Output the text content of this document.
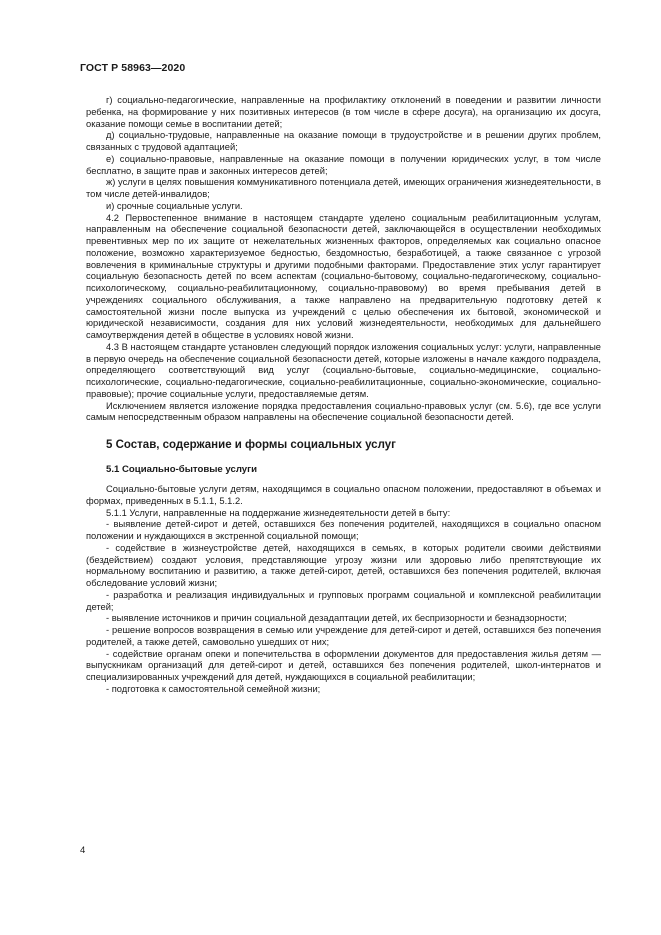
ГОСТ Р 58963—2020

г) социально-педагогические, направленные на профилактику отклонений в поведении и развитии личности ребенка, на формирование у них позитивных интересов (в том числе в сфере досуга), на организацию их досуга, оказание помощи семье в воспитании детей;

д) социально-трудовые, направленные на оказание помощи в трудоустройстве и в решении других проблем, связанных с трудовой адаптацией;

е) социально-правовые, направленные на оказание помощи в получении юридических услуг, в том числе бесплатно, в защите прав и законных интересов детей;

ж) услуги в целях повышения коммуникативного потенциала детей, имеющих ограничения жизнедеятельности, в том числе детей-инвалидов;

и) срочные социальные услуги.

4.2 Первостепенное внимание в настоящем стандарте уделено социальным реабилитационным услугам, направленным на обеспечение социальной безопасности детей, заключающейся в осуществлении необходимых превентивных мер по их защите от нежелательных жизненных факторов, определяемых как социально опасное положение, возможно характеризуемое бедностью, бездомностью, безработицей, а также связанное с угрозой вовлечения в криминальные структуры и другими подобными факторами. Предоставление этих услуг гарантирует социальную безопасность детей по всем аспектам (социально-бытовому, социально-педагогическому, социально-психологическому, социально-реабилитационному, социально-правовому) во время пребывания детей в учреждениях социального обслуживания, а также направлено на предварительную подготовку детей к самостоятельной жизни после выпуска из учреждений с целью обеспечения их бытовой, экономической и юридической независимости, создания для них условий жизнедеятельности, необходимых для дальнейшего самоутверждения детей в обществе в условиях новой жизни.

4.3 В настоящем стандарте установлен следующий порядок изложения социальных услуг: услуги, направленные в первую очередь на обеспечение социальной безопасности детей, которые изложены в начале каждого подраздела, определяющего соответствующий вид услуг (социально-бытовые, социально-медицинские, социально-психологические, социально-педагогические, социально-реабилитационные, социально-экономические, социально-правовые); прочие социальные услуги, предоставляемые детям.

Исключением является изложение порядка предоставления социально-правовых услуг (см. 5.6), где все услуги самым непосредственным образом направлены на обеспечение социальной безопасности детей.

5 Состав, содержание и формы социальных услуг

5.1 Социально-бытовые услуги

Социально-бытовые услуги детям, находящимся в социально опасном положении, предоставляют в объемах и формах, приведенных в 5.1.1, 5.1.2.

5.1.1 Услуги, направленные на поддержание жизнедеятельности детей в быту:

- выявление детей-сирот и детей, оставшихся без попечения родителей, находящихся в социально опасном положении и нуждающихся в экстренной социальной помощи;

- содействие в жизнеустройстве детей, находящихся в семьях, в которых родители своими действиями (бездействием) создают условия, представляющие угрозу жизни или здоровью либо препятствующие их нормальному воспитанию и развитию, а также детей-сирот, детей, оставшихся без попечения родителей, включая обследование условий жизни;

- разработка и реализация индивидуальных и групповых программ социальной и комплексной реабилитации детей;

- выявление источников и причин социальной дезадаптации детей, их беспризорности и безнадзорности;

- решение вопросов возвращения в семью или учреждение для детей-сирот и детей, оставшихся без попечения родителей, а также детей, самовольно ушедших от них;

- содействие органам опеки и попечительства в оформлении документов для предоставления жилья детям — выпускникам организаций для детей-сирот и детей, оставшихся без попечения родителей, школ-интернатов и специализированных учреждений для детей, нуждающихся в социальной реабилитации;

- подготовка к самостоятельной семейной жизни;

4
